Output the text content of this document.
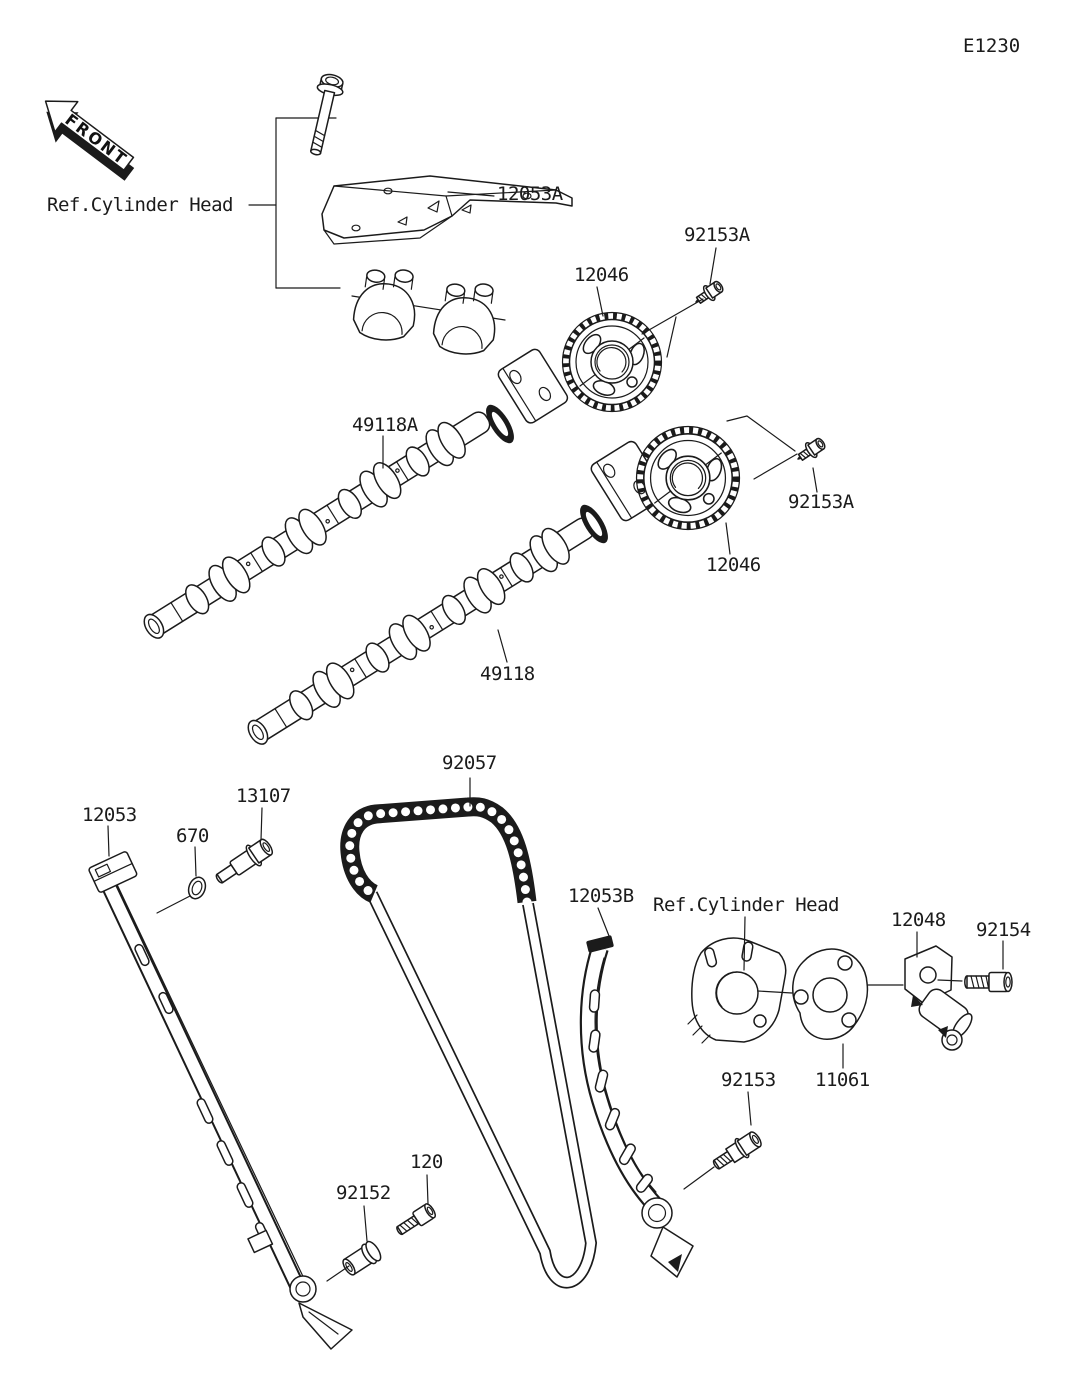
E1230
FRONT
Ref.Cylinder Head
Ref.Cylinder Head
12053A
92153A
12046
49118A
92153A
12046
49118
92057
12053
670
13107
12053B
12048 92154
92153 11061
92152
120
